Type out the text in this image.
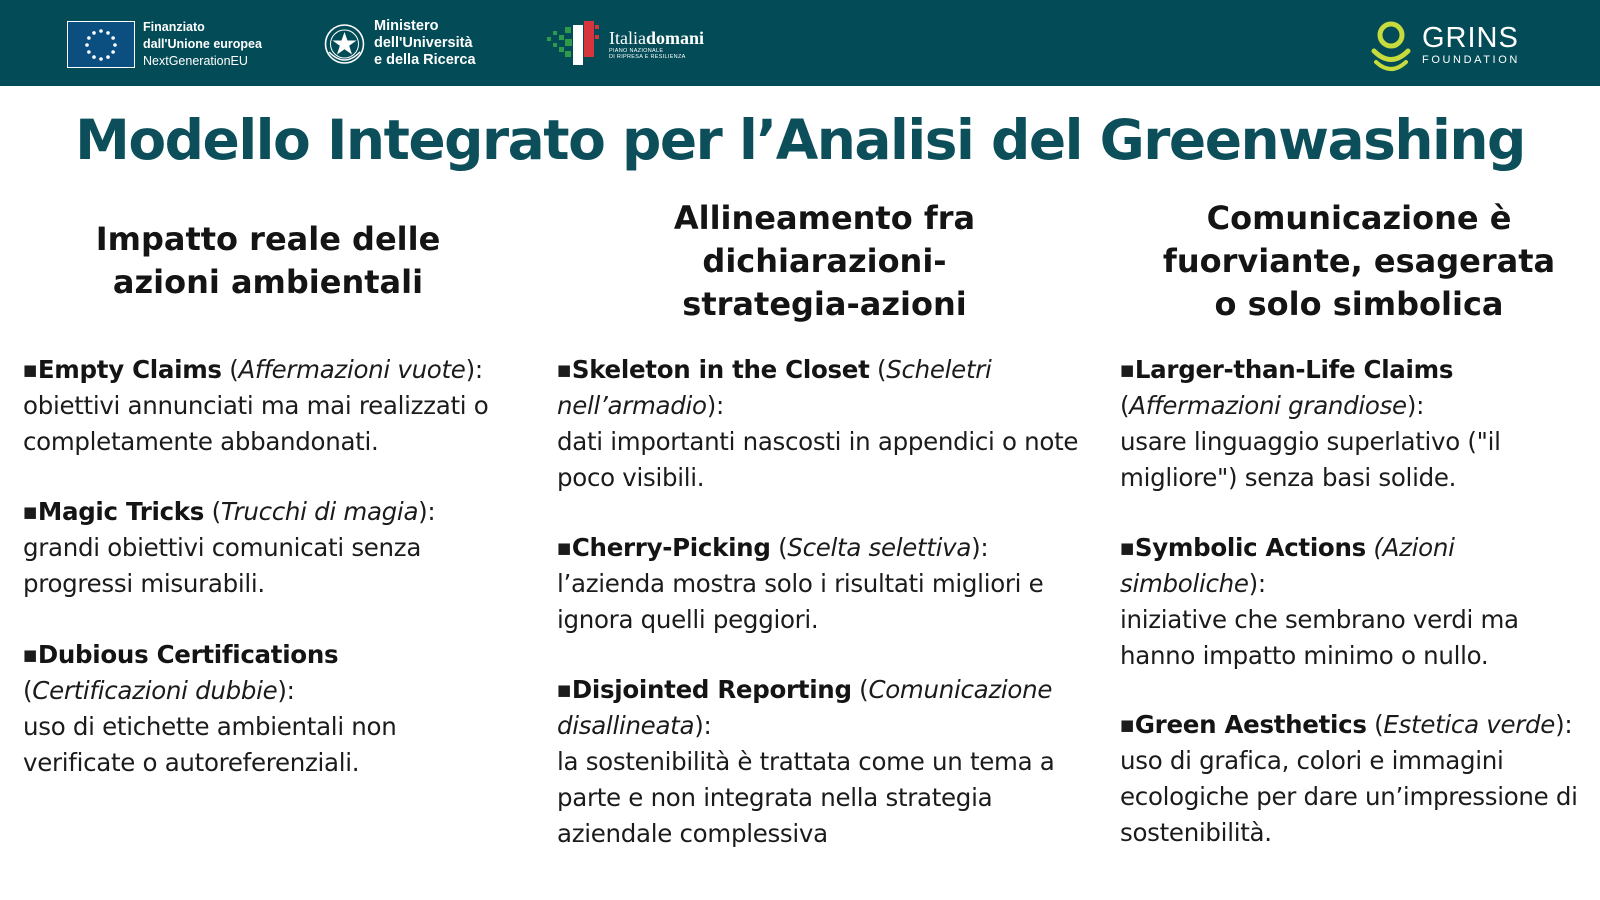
Finanziato
dall'Unione europea
NextGenerationEU
Ministero
dell'Università
e della Ricerca
Italiadomani
PIANO NAZIONALE
DI RIPRESA E RESILIENZA
GRINS
FOUNDATION
Modello Integrato per l’Analisi del Greenwashing
Impatto reale delle
azioni ambientali

■Empty Claims (Affermazioni vuote):
obiettivi annunciati ma mai realizzati o completamente abbandonati.

■Magic Tricks (Trucchi di magia):
grandi obiettivi comunicati senza progressi misurabili.

■Dubious Certifications
(Certificazioni dubbie):
uso di etichette ambientali non verificate o autoreferenziali.

Allineamento fra
dichiarazioni-
strategia-azioni

■Skeleton in the Closet (Scheletri nell’armadio):
dati importanti nascosti in appendici o note poco visibili.

■Cherry-Picking (Scelta selettiva):
l’azienda mostra solo i risultati migliori e ignora quelli peggiori.

■Disjointed Reporting (Comunicazione disallineata):
la sostenibilità è trattata come un tema a parte e non integrata nella strategia aziendale complessiva

Comunicazione è
fuorviante, esagerata
o solo simbolica

■Larger-than-Life Claims
(Affermazioni grandiose):
usare linguaggio superlativo ("il migliore") senza basi solide.

■Symbolic Actions (Azioni simboliche):
iniziative che sembrano verdi ma hanno impatto minimo o nullo.

■Green Aesthetics (Estetica verde):
uso di grafica, colori e immagini ecologiche per dare un’impressione di sostenibilità.
